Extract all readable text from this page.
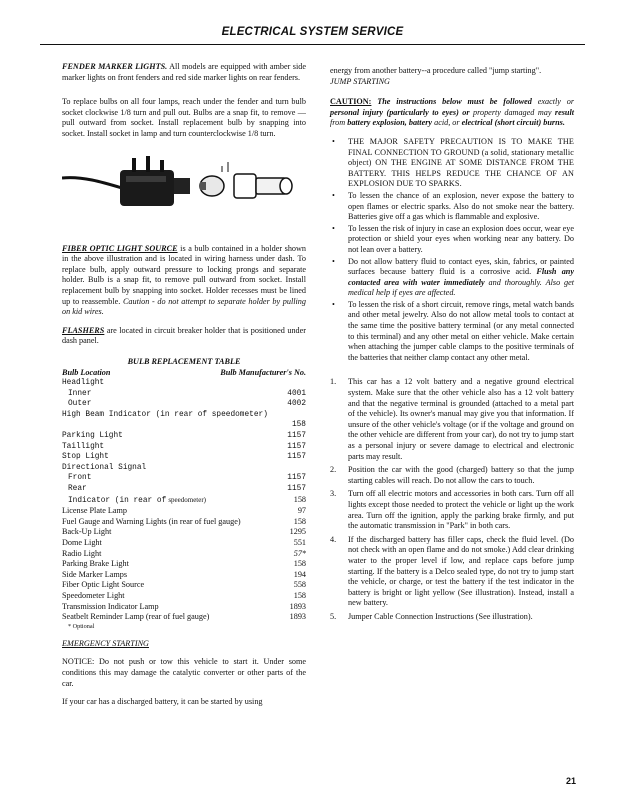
ELECTRICAL SYSTEM SERVICE

FENDER MARKER LIGHTS. All models are equipped with amber side marker lights on front fenders and red side marker lights on rear fenders.

To replace bulbs on all four lamps, reach under the fender and turn bulb socket clockwise 1/8 turn and pull out. Bulbs are a snap fit, to remove — pull outward from socket. Install replacement bulb by snapping into socket. Install socket in lamp and turn counterclockwise 1/8 turn.

FIBER OPTIC LIGHT SOURCE is a bulb contained in a holder shown in the above illustration and is located in wiring harness under dash. To replace bulb, apply outward pressure to locking prongs and separate holder. Bulb is a snap fit, to remove pull outward from socket. Install replacement bulb by snapping into socket. Holder recesses must be lined up to reassemble. Caution - do not attempt to separate holder by pulling on kid wires.

FLASHERS are located in circuit breaker holder that is positioned under dash panel.

BULB REPLACEMENT TABLE
Bulb Location	Bulb Manufacturer's No.
Headlight
Inner	4001
Outer	4002
High Beam Indicator (in rear of speedometer)
158
Parking Light	1157
Taillight	1157
Stop Light	1157
Directional Signal
Front	1157
Rear	1157
Indicator (in rear of speedometer)	158
License Plate Lamp	97
Fuel Gauge and Warning Lights (in rear of fuel gauge)	158
Back-Up Light	1295
Dome Light	551
Radio Light	57*
Parking Brake Light	158
Side Marker Lamps	194
Fiber Optic Light Source	558
Speedometer Light	158
Transmission Indicator Lamp	1893
Seatbelt Reminder Lamp (rear of fuel gauge)	1893
* Optional
EMERGENCY STARTING

NOTICE: Do not push or tow this vehicle to start it. Under some conditions this may damage the catalytic converter or other parts of the car.

If your car has a discharged battery, it can be started by using

energy from another battery--a procedure called "jump starting".
JUMP STARTING

CAUTION: The instructions below must be followed exactly or personal injury (particularly to eyes) or property damaged may result from battery explosion, battery acid, or electrical (short circuit) burns.

• THE MAJOR SAFETY PRECAUTION IS TO MAKE THE FINAL CONNECTION TO GROUND (a solid, stationary metallic object) ON THE ENGINE AT SOME DISTANCE FROM THE BATTERY. THIS HELPS REDUCE THE CHANCE OF AN EXPLOSION DUE TO SPARKS.
• To lessen the chance of an explosion, never expose the battery to open flames or electric sparks. Also do not smoke near the battery. Batteries give off a gas which is flammable and explosive.
• To lessen the risk of injury in case an explosion does occur, wear eye protection or shield your eyes when working near any battery. Do not lean over a battery.
• Do not allow battery fluid to contact eyes, skin, fabrics, or painted surfaces because battery fluid is a corrosive acid. Flush any contacted area with water immediately and thoroughly. Also get medical help if eyes are affected.
• To lessen the risk of a short circuit, remove rings, metal watch bands and other metal jewelry. Also do not allow metal tools to contact at the same time the positive battery terminal (or any metal connected to this terminal) and any other metal on either vehicle. Make certain when attaching the jumper cable clamps to the positive terminals of the batteries that neither clamp contact any other metal.
1. This car has a 12 volt battery and a negative ground electrical system. Make sure that the other vehicle also has a 12 volt battery and that the negative terminal is grounded (attached to a metal part of the vehicle). Its owner's manual may give you that information. If unsure of the other vehicle's voltage (or if the voltage and ground on the other vehicle are different from your car), do not try to jump start as a personal injury or severe damage to electrical and electronic parts may result.
2. Position the car with the good (charged) battery so that the jump starting cables will reach. Do not allow the cars to touch.
3. Turn off all electric motors and accessories in both cars. Turn off all lights except those needed to protect the vehicle or light up the work area. Turn off the ignition, apply the parking brake firmly, and put the automatic transmission in "Park" in both cars.
4. If the discharged battery has filler caps, check the fluid level. (Do not check with an open flame and do not smoke.) Add clear drinking water to the proper level if low, and replace caps before jump starting. If the battery is a Delco sealed type, do not try to jump start the vehicle, or charge, or test the battery if the test indicator in the battery is bright or light yellow (See illustration). Instead, install a new battery.
5. Jumper Cable Connection Instructions (See illustration).
21
